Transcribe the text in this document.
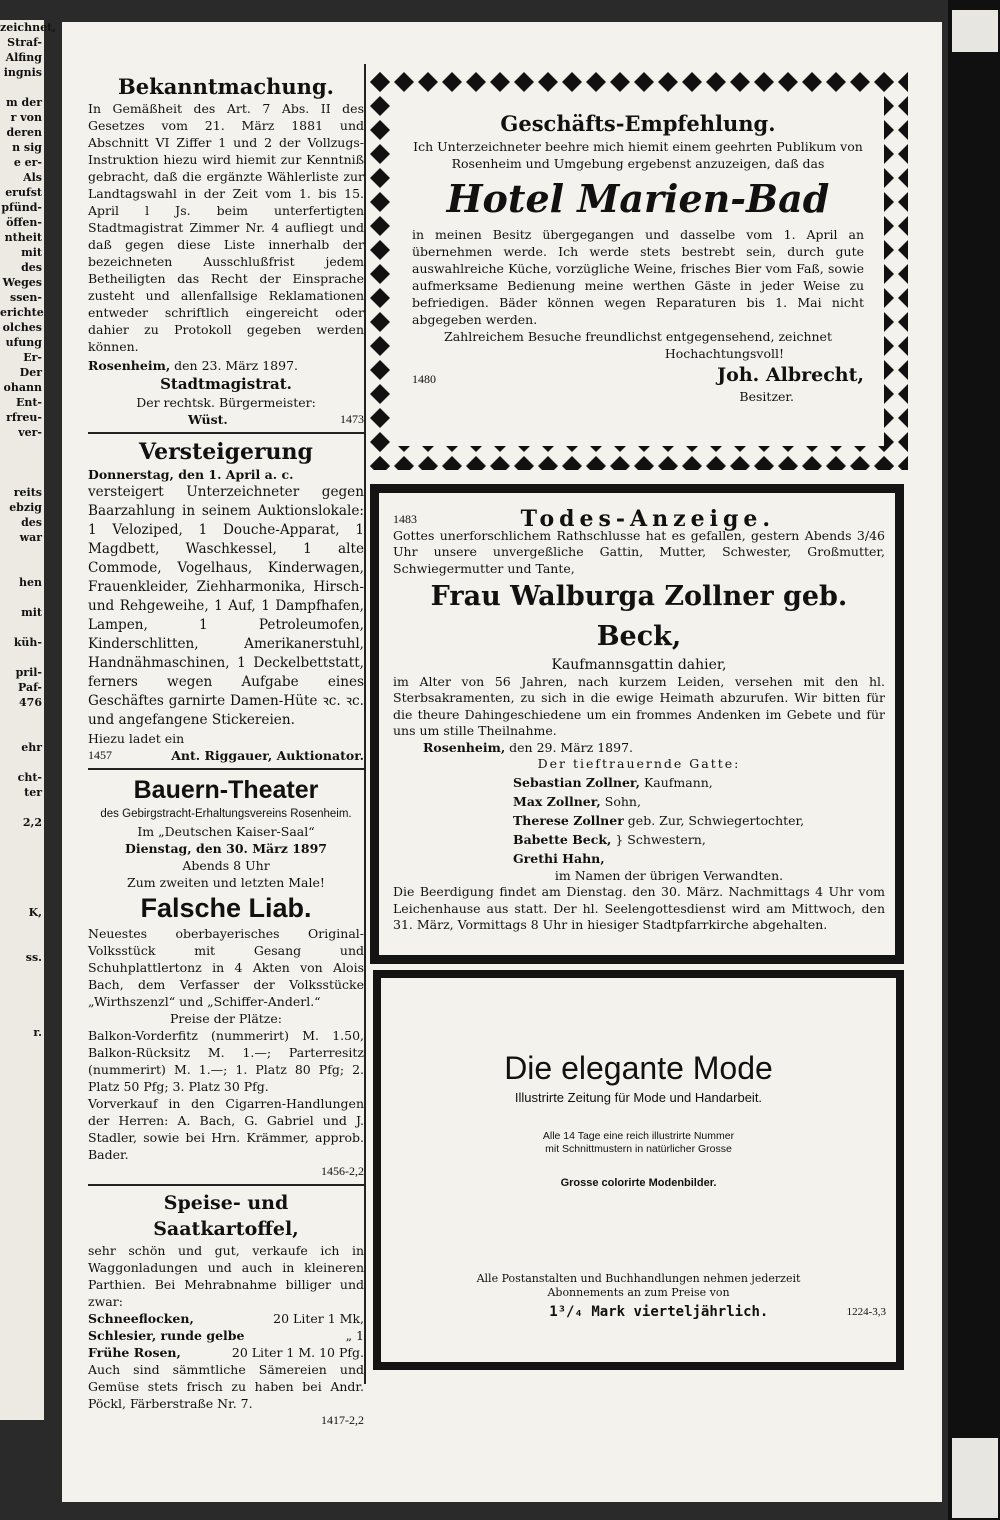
zeichnet,
Straf-
Alfing
ingnis

m der
r von
deren
n sig
e er-
Als
erufst
pfünd-
öffen-
ntheit
mit
des
Weges
ssen-
erichte
olches
ufung
Er-
Der
ohann
Ent-
rfreu-
ver-

reits
ebzig
des
war

hen

mit

küh-

pril-
Paf-
476

ehr

cht-
ter

2,2

K,

ss.

r.
Bekanntmachung.

In Gemäßheit des Art. 7 Abs. II des Gesetzes vom 21. März 1881 und Abschnitt VI Ziffer 1 und 2 der Vollzugs-Instruktion hiezu wird hiemit zur Kenntniß gebracht, daß die ergänzte Wählerliste zur Landtagswahl in der Zeit vom 1. bis 15. April l Js. beim unterfertigten Stadtmagistrat Zimmer Nr. 4 aufliegt und daß gegen diese Liste innerhalb der bezeichneten Ausschlußfrist jedem Betheiligten das Recht der Einsprache zusteht und allenfallsige Reklamationen entweder schriftlich eingereicht oder dahier zu Protokoll gegeben werden können.

Rosenheim, den 23. März 1897.
Stadtmagistrat.
Der rechtsk. Bürgermeister:
Wüst.	1473
Versteigerung
Donnerstag, den 1. April a. c.

versteigert Unterzeichneter gegen Baarzahlung in seinem Auktionslokale: 1 Veloziped, 1 Douche-Apparat, 1 Magdbett, Waschkessel, 1 alte Commode, Vogelhaus, Kinderwagen, Frauenkleider, Ziehharmonika, Hirsch- und Rehgeweihe, 1 Auf, 1 Dampfhafen, Lampen, 1 Petroleumofen, Kinderschlitten, Amerikanerstuhl, Handnähmaschinen, 1 Deckelbettstatt, ferners wegen Aufgabe eines Geschäftes garnirte Damen-Hüte ꝛc. ꝛc. und angefangene Stickereien.

Hiezu ladet ein
1457	Ant. Riggauer, Auktionator.
Bauern-Theater
des Gebirgstracht-Erhaltungsvereins Rosenheim.
Im „Deutschen Kaiser-Saal“
Dienstag, den 30. März 1897
Abends 8 Uhr
Zum zweiten und letzten Male!
Falsche Liab.

Neuestes oberbayerisches Original-Volksstück mit Gesang und Schuhplattlertonz in 4 Akten von Alois Bach, dem Verfasser der Volksstücke „Wirthszenzl“ und „Schiffer-Anderl.“

Preise der Plätze:

Balkon-Vorderfitz (nummerirt) M. 1.50, Balkon-Rücksitz M. 1.—; Parterresitz (nummerirt) M. 1.—; 1. Platz 80 Pfg; 2. Platz 50 Pfg; 3. Platz 30 Pfg.

Vorverkauf in den Cigarren-Handlungen der Herren: A. Bach, G. Gabriel und J. Stadler, sowie bei Hrn. Krämmer, approb. Bader.

1456-2,2
Speise- und Saatkartoffel,

sehr schön und gut, verkaufe ich in Waggonladungen und auch in kleineren Parthien. Bei Mehrabnahme billiger und zwar:

Schneeflocken,	20 Liter 1 Mk,
Schlesier, runde gelbe	„ 1
Frühe Rosen,	20 Liter 1 M. 10 Pfg.

Auch sind sämmtliche Sämereien und Gemüse stets frisch zu haben bei Andr. Pöckl, Färberstraße Nr. 7.

1417-2,2
Geschäfts-Empfehlung.

Ich Unterzeichneter beehre mich hiemit einem geehrten Publikum von Rosenheim und Umgebung ergebenst anzuzeigen, daß das

Hotel Marien-Bad

in meinen Besitz übergegangen und dasselbe vom 1. April an übernehmen werde. Ich werde stets bestrebt sein, durch gute auswahlreiche Küche, vorzügliche Weine, frisches Bier vom Faß, sowie aufmerksame Bedienung meine werthen Gäste in jeder Weise zu befriedigen. Bäder können wegen Reparaturen bis 1. Mai nicht abgegeben werden.

Zahlreichem Besuche freundlichst entgegensehend, zeichnet
Hochachtungsvoll!
1480	Joh. Albrecht,
Besitzer.
1483	Todes-Anzeige.

Gottes unerforschlichem Rathschlusse hat es gefallen, gestern Abends 3/46 Uhr unsere unvergeßliche Gattin, Mutter, Schwester, Großmutter, Schwiegermutter und Tante,

Frau Walburga Zollner geb. Beck,
Kaufmannsgattin dahier,

im Alter von 56 Jahren, nach kurzem Leiden, versehen mit den hl. Sterbsakramenten, zu sich in die ewige Heimath abzurufen. Wir bitten für die theure Dahingeschiedene um ein frommes Andenken im Gebete und für uns um stille Theilnahme.

Rosenheim, den 29. März 1897.
Der tieftrauernde Gatte:
Sebastian Zollner, Kaufmann,
Max Zollner, Sohn,
Therese Zollner geb. Zur, Schwiegertochter,
Babette Beck, } Schwestern,
Grethi Hahn,
im Namen der übrigen Verwandten.

Die Beerdigung findet am Dienstag. den 30. März. Nachmittags 4 Uhr vom Leichenhause aus statt. Der hl. Seelengottesdienst wird am Mittwoch, den 31. März, Vormittags 8 Uhr in hiesiger Stadtpfarrkirche abgehalten.

Die elegante Mode
Illustrirte Zeitung für Mode und Handarbeit.
Alle 14 Tage eine reich illustrirte Nummer
mit Schnittmustern in natürlicher Grosse
Grosse colorirte Modenbilder.
Alle Postanstalten und Buchhandlungen nehmen jederzeit
Abonnements an zum Preise von
1³/₄ Mark vierteljährlich.	1224-3,3
